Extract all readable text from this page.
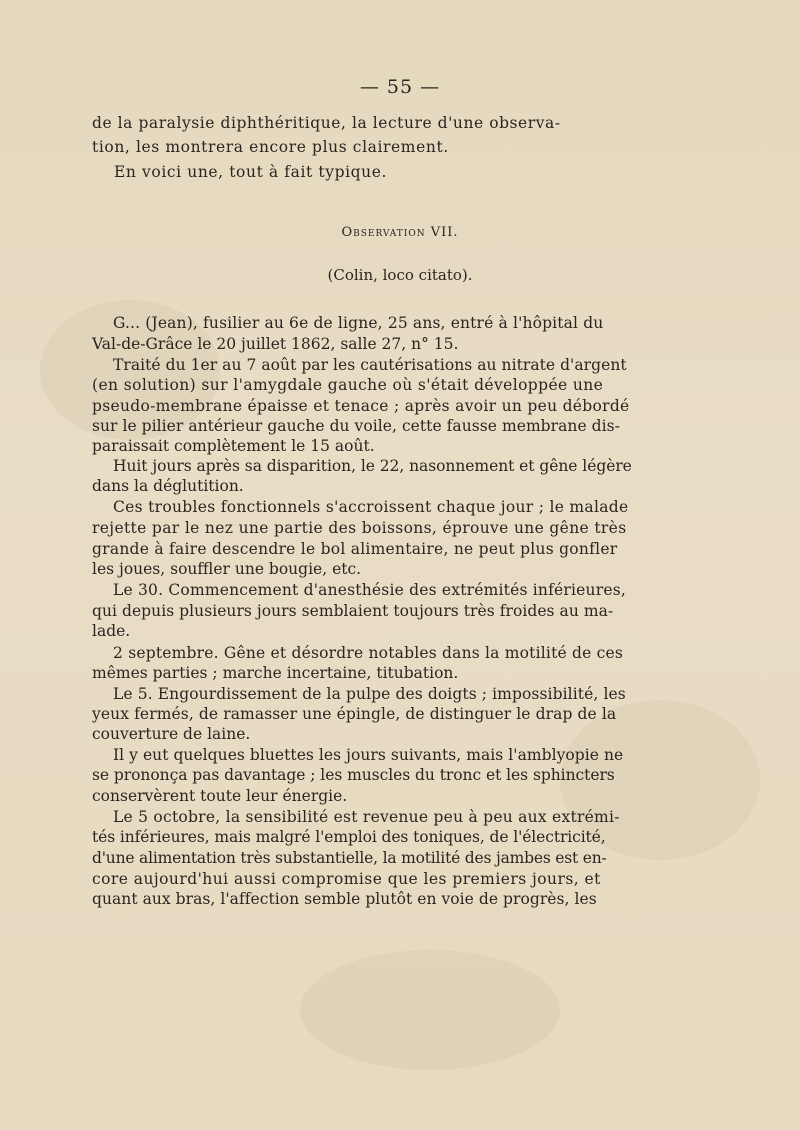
— 55 —
de la paralysie diphthéritique, la lecture d'une observa-
tion, les montrera encore plus clairement.
En voici une, tout à fait typique.
Observation VII.
(Colin, loco citato).
G... (Jean), fusilier au 6e de ligne, 25 ans, entré à l'hôpital du
Val-de-Grâce le 20 juillet 1862, salle 27, n° 15.
Traité du 1er au 7 août par les cautérisations au nitrate d'argent
(en solution) sur l'amygdale gauche où s'était développée une
pseudo-membrane épaisse et tenace ; après avoir un peu débordé
sur le pilier antérieur gauche du voile, cette fausse membrane dis-
paraissait complètement le 15 août.
Huit jours après sa disparition, le 22, nasonnement et gêne légère
dans la déglutition.
Ces troubles fonctionnels s'accroissent chaque jour ; le malade
rejette par le nez une partie des boissons, éprouve une gêne très
grande à faire descendre le bol alimentaire, ne peut plus gonfler
les joues, souffler une bougie, etc.
Le 30. Commencement d'anesthésie des extrémités inférieures,
qui depuis plusieurs jours semblaient toujours très froides au ma-
lade.
2 septembre. Gêne et désordre notables dans la motilité de ces
mêmes parties ; marche incertaine, titubation.
Le 5. Engourdissement de la pulpe des doigts ; impossibilité, les
yeux fermés, de ramasser une épingle, de distinguer le drap de la
couverture de laine.
Il y eut quelques bluettes les jours suivants, mais l'amblyopie ne
se prononça pas davantage ; les muscles du tronc et les sphincters
conservèrent toute leur énergie.
Le 5 octobre, la sensibilité est revenue peu à peu aux extrémi-
tés inférieures, mais malgré l'emploi des toniques, de l'électricité,
d'une alimentation très substantielle, la motilité des jambes est en-
core aujourd'hui aussi compromise que les premiers jours, et
quant aux bras, l'affection semble plutôt en voie de progrès, les
